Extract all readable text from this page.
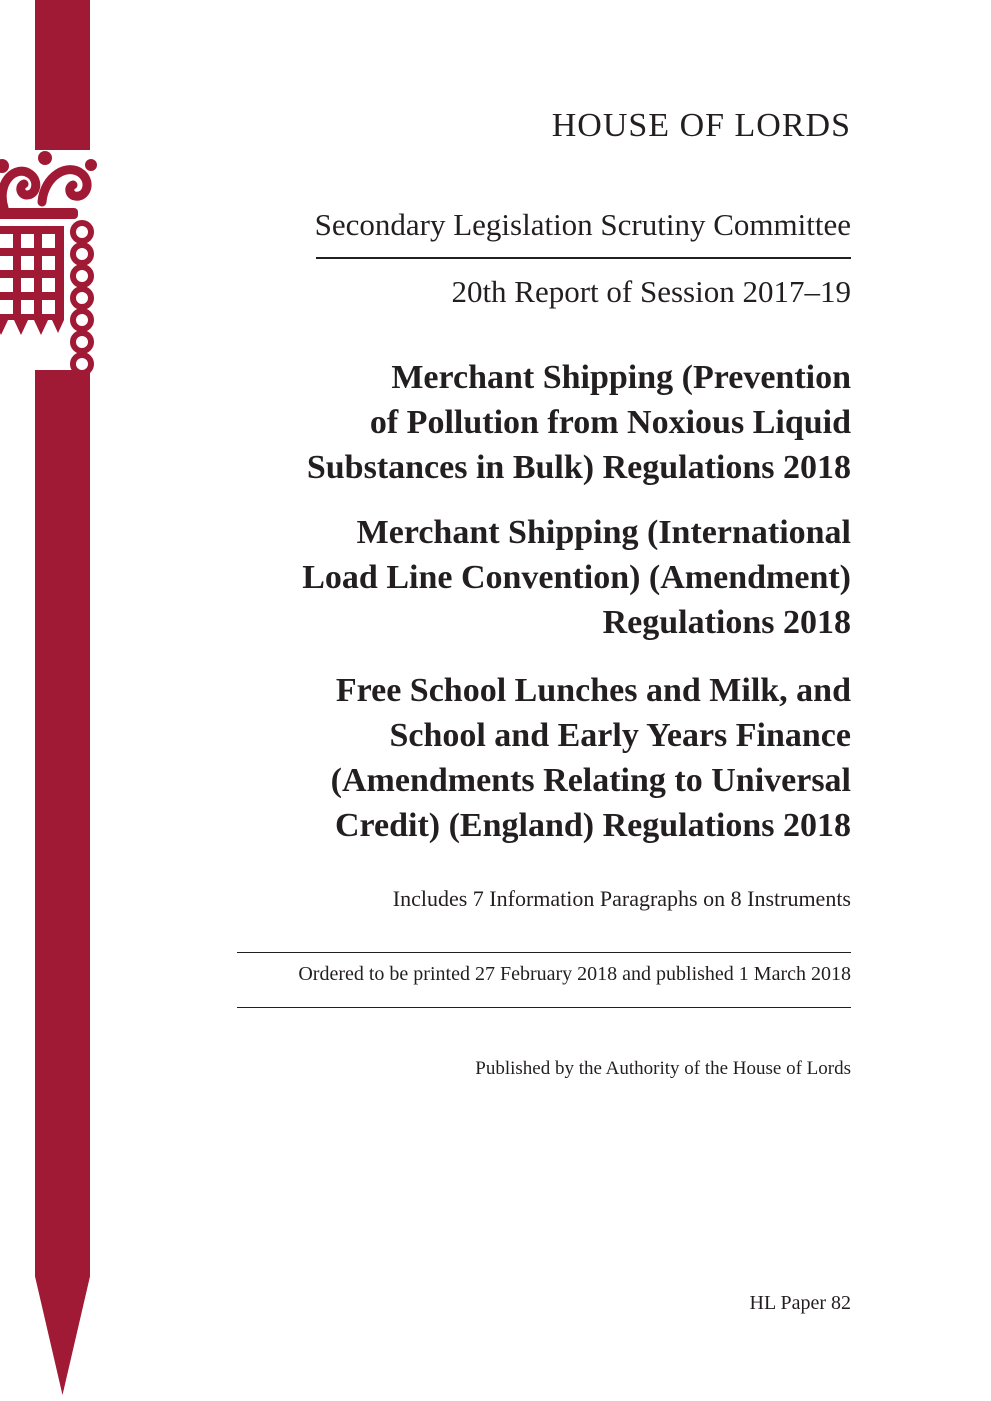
HOUSE OF LORDS
Secondary Legislation Scrutiny Committee
20th Report of Session 2017–19
Merchant Shipping (Prevention
of Pollution from Noxious Liquid
Substances in Bulk) Regulations 2018
Merchant Shipping (International
Load Line Convention) (Amendment)
Regulations 2018
Free School Lunches and Milk, and
School and Early Years Finance
(Amendments Relating to Universal
Credit) (England) Regulations 2018
Includes 7 Information Paragraphs on 8 Instruments
Ordered to be printed 27 February 2018 and published 1 March 2018
Published by the Authority of the House of Lords
HL Paper 82
